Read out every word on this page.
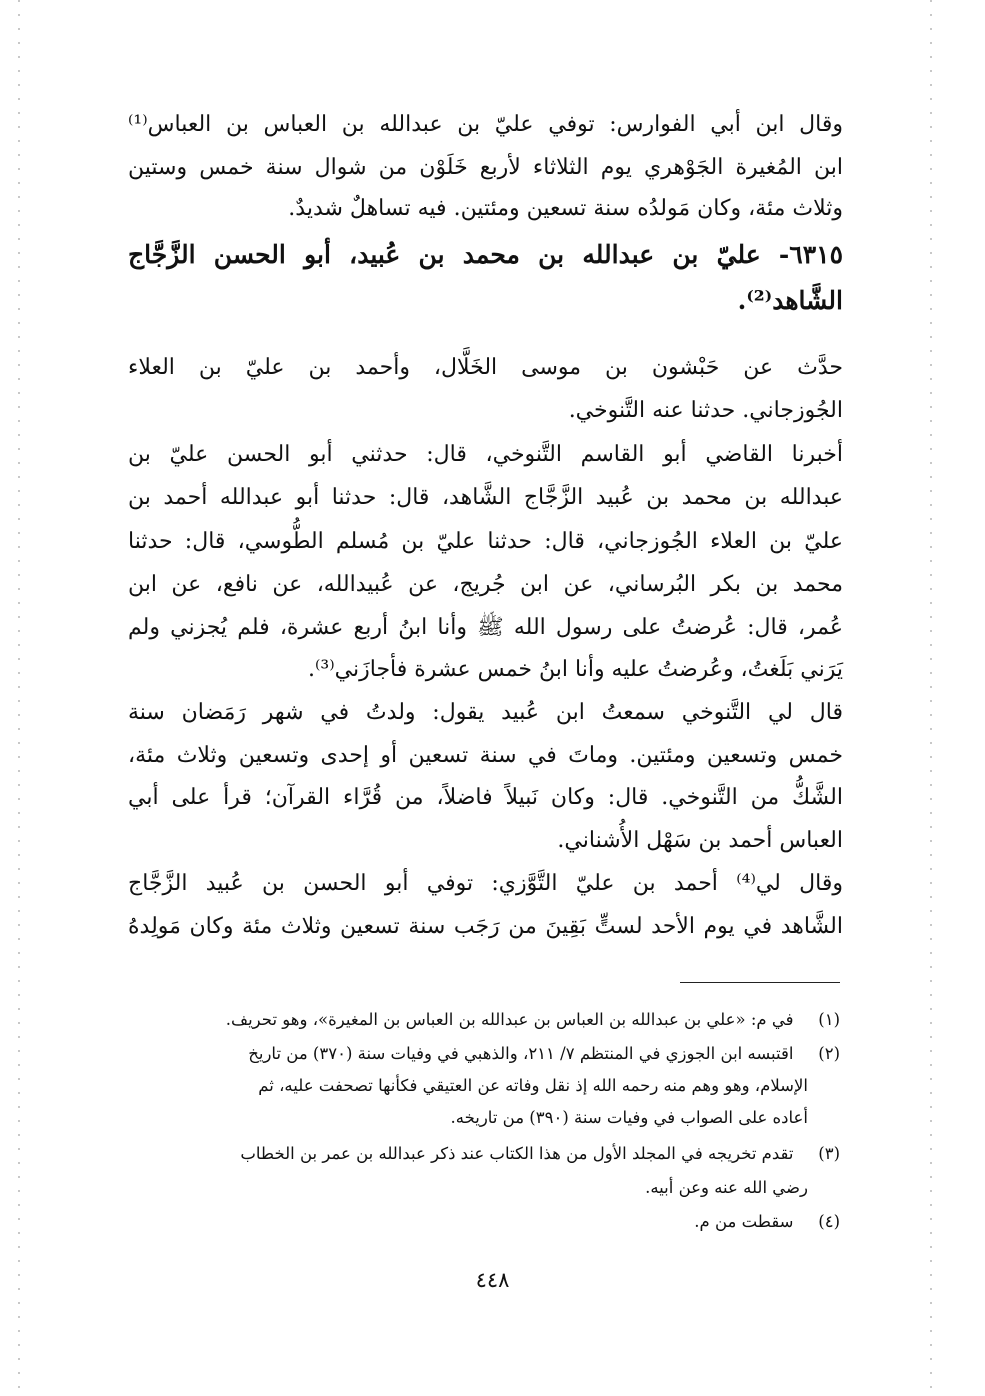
وقال ابن أبي الفوارس: توفي عليّ بن عبدالله بن العباس بن العباس⁽¹⁾
ابن المُغيرة الجَوْهري يوم الثلاثاء لأربع خَلَوْن من شوال سنة خمس وستين
وثلاث مئة، وكان مَولدُه سنة تسعين ومئتين. فيه تساهلٌ شديدٌ.
٦٣١٥- عليّ بن عبدالله بن محمد بن عُبيد، أبو الحسن الزَّجَّاج
الشَّاهد⁽²⁾.
حدَّث عن حَبْشون بن موسى الخَلَّال، وأحمد بن عليّ بن العلاء
الجُوزجاني. حدثنا عنه التَّنوخي.
أخبرنا القاضي أبو القاسم التَّنوخي، قال: حدثني أبو الحسن عليّ بن
عبدالله بن محمد بن عُبيد الزَّجَّاج الشَّاهد، قال: حدثنا أبو عبدالله أحمد بن
عليّ بن العلاء الجُوزجاني، قال: حدثنا عليّ بن مُسلم الطُّوسي، قال: حدثنا
محمد بن بكر البُرساني، عن ابن جُريج، عن عُبيدالله، عن نافع، عن ابن
عُمر، قال: عُرضتُ على رسول الله ﷺ وأنا ابنُ أربع عشرة، فلم يُجزني ولم
يَرَني بَلَغتُ، وعُرضتُ عليه وأنا ابنُ خمس عشرة فأجازَني⁽³⁾.
قال لي التَّنوخي سمعتُ ابن عُبيد يقول: ولدتُ في شهر رَمَضان سنة
خمس وتسعين ومئتين. وماتَ في سنة تسعين أو إحدى وتسعين وثلاث مئة،
الشَّكُّ من التَّنوخي. قال: وكان نَبيلاً فاضلاً، من قُرَّاء القرآن؛ قرأ على أبي
العباس أحمد بن سَهْل الأُشناني.
وقال لي⁽⁴⁾ أحمد بن عليّ التَّوَّزي: توفي أبو الحسن بن عُبيد الزَّجَّاج
الشَّاهد في يوم الأحد لستٍّ بَقِينَ من رَجَب سنة تسعين وثلاث مئة وكان مَولِدهُ
(١)  في م: «علي بن عبدالله بن العباس بن عبدالله بن العباس بن المغيرة»، وهو تحريف.
(٢)  اقتبسه ابن الجوزي في المنتظم ٧/ ٢١١، والذهبي في وفيات سنة (٣٧٠) من تاريخ
الإسلام، وهو وهم منه رحمه الله إذ نقل وفاته عن العتيقي فكأنها تصحفت عليه، ثم
أعاده على الصواب في وفيات سنة (٣٩٠) من تاريخه.
(٣)  تقدم تخريجه في المجلد الأول من هذا الكتاب عند ذكر عبدالله بن عمر بن الخطاب
رضي الله عنه وعن أبيه.
(٤)  سقطت من م.
٤٤٨
